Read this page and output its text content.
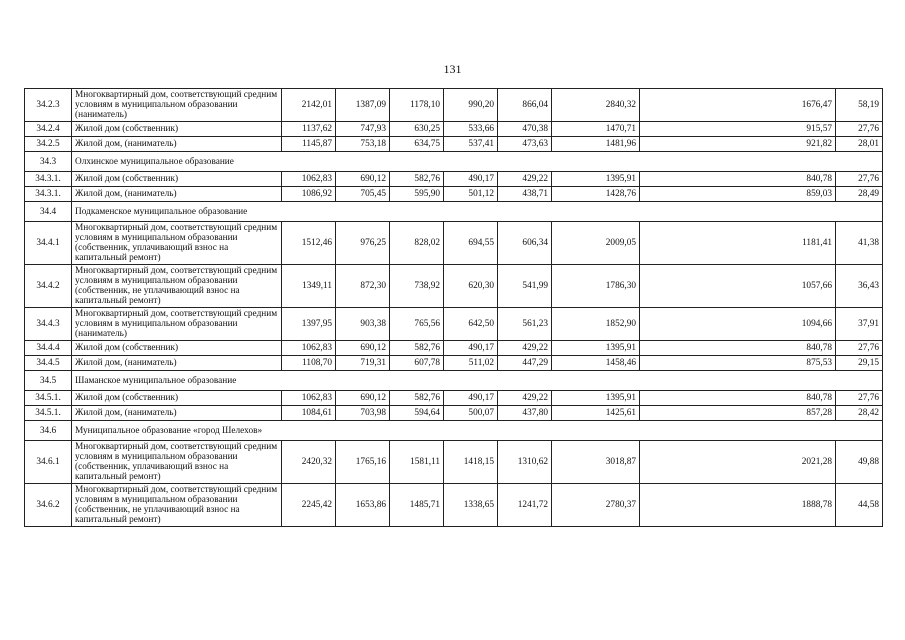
131
34.2.3	Многоквартирный дом, соответствующий средним условиям в муниципальном образовании (наниматель)	2142,01	1387,09	1178,10	990,20	866,04	2840,32	1676,47	58,19
34.2.4	Жилой дом (собственник)	1137,62	747,93	630,25	533,66	470,38	1470,71	915,57	27,76
34.2.5	Жилой дом, (наниматель)	1145,87	753,18	634,75	537,41	473,63	1481,96	921,82	28,01
34.3	Олхинское муниципальное образование								
34.3.1.	Жилой дом (собственник)	1062,83	690,12	582,76	490,17	429,22	1395,91	840,78	27,76
34.3.1.	Жилой дом, (наниматель)	1086,92	705,45	595,90	501,12	438,71	1428,76	859,03	28,49
34.4	Подкаменское муниципальное образование								
34.4.1	Многоквартирный дом, соответствующий средним условиям в муниципальном образовании (собственник, уплачивающий взнос на капитальный ремонт)	1512,46	976,25	828,02	694,55	606,34	2009,05	1181,41	41,38
34.4.2	Многоквартирный дом, соответствующий средним условиям в муниципальном образовании (собственник, не уплачивающий взнос на капитальный ремонт)	1349,11	872,30	738,92	620,30	541,99	1786,30	1057,66	36,43
34.4.3	Многоквартирный дом, соответствующий средним условиям в муниципальном образовании (наниматель)	1397,95	903,38	765,56	642,50	561,23	1852,90	1094,66	37,91
34.4.4	Жилой дом (собственник)	1062,83	690,12	582,76	490,17	429,22	1395,91	840,78	27,76
34.4.5	Жилой дом, (наниматель)	1108,70	719,31	607,78	511,02	447,29	1458,46	875,53	29,15
34.5	Шаманское муниципальное образование								
34.5.1.	Жилой дом (собственник)	1062,83	690,12	582,76	490,17	429,22	1395,91	840,78	27,76
34.5.1.	Жилой дом, (наниматель)	1084,61	703,98	594,64	500,07	437,80	1425,61	857,28	28,42
34.6	Муниципальное образование «город Шелехов»								
34.6.1	Многоквартирный дом, соответствующий средним условиям в муниципальном образовании (собственник, уплачивающий взнос на капитальный ремонт)	2420,32	1765,16	1581,11	1418,15	1310,62	3018,87	2021,28	49,88
34.6.2	Многоквартирный дом, соответствующий средним условиям в муниципальном образовании (собственник, не уплачивающий взнос на капитальный ремонт)	2245,42	1653,86	1485,71	1338,65	1241,72	2780,37	1888,78	44,58
